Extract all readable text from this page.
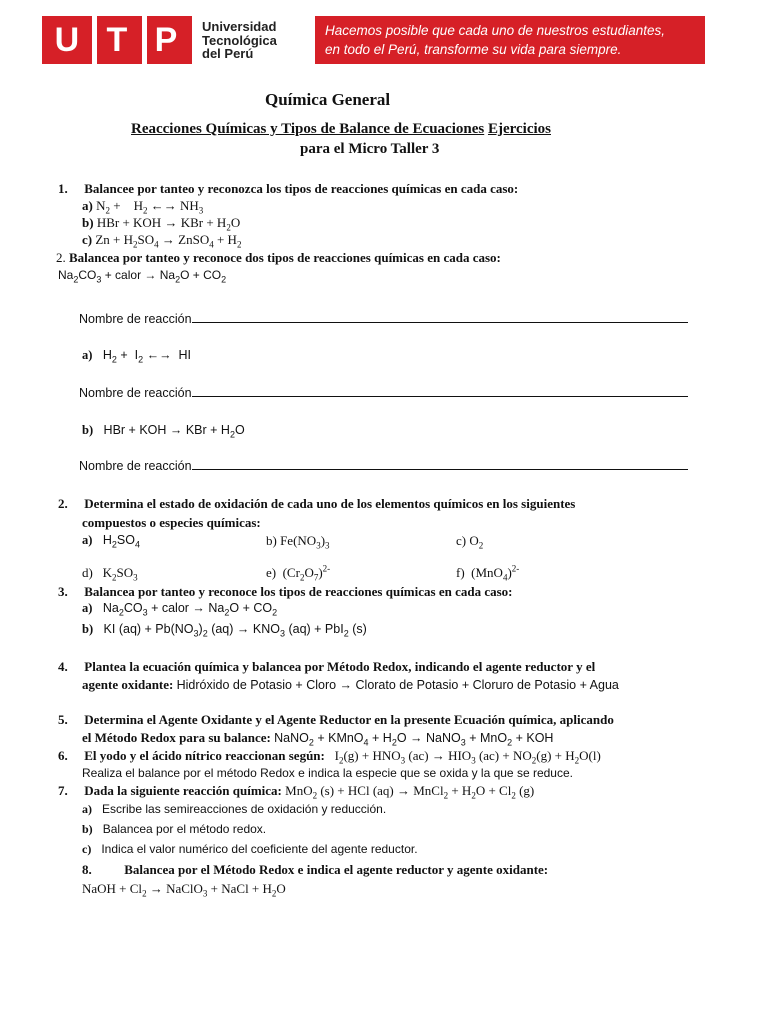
U T P Universidad
Tecnológica
del Perú
Hacemos posible que cada uno de nuestros estudiantes,
en todo el Perú, transforme su vida para siempre.
Química General
Reacciones Químicas y Tipos de Balance de Ecuaciones Ejercicios
para el Micro Taller 3
1. Balancee por tanteo y reconozca los tipos de reacciones químicas en cada caso:
a) $N_2$ +    $H_2$ ←→ $NH_3$
b) HBr + KOH → KBr + $H_2O$
c) $Zn + H_2SO_4$ → ZnSO$_4$ + $H_2$
2. Balancea por tanteo y reconoce dos tipos de reacciones químicas en cada caso:
$Na_2CO_3$ + calor → $Na_2O + CO_2$
Nombre de reacción
a)   $H_2 + I_2$ ←→  HI
Nombre de reacción
b)   HBr + KOH → KBr + $H_2O$
Nombre de reacción
2. Determina el estado de oxidación de cada uno de los elementos químicos en los siguientes
compuestos o especies químicas:
a)   $H_2SO_4$	b) $Fe(NO_3)_3$	c) $O_2$
d)   $K_2SO_3$	e)  $(Cr_2O_7)^{2-}$	f)  $(MnO_4)^{2-}$
3. Balancea por tanteo y reconoce los tipos de reacciones químicas en cada caso:
a)   $Na_2CO_3$ + calor → $Na_2O + CO_2$
b)   KI $(aq) + Pb(NO_3)_2$ $(aq) \to KNO_3$ (aq) + PbI$_2$ (s)
4. Plantea la ecuación química y balancea por Método Redox, indicando el agente reductor y el
agente oxidante: Hidróxido de Potasio + Cloro → Clorato de Potasio + Cloruro de Potasio + Agua
5. Determina el Agente Oxidante y el Agente Reductor en la presente Ecuación química, aplicando
el Método Redox para su balance: NaNO$_2$ + KMnO$_4$ + $H_2O$ → NaNO$_3$ + MnO$_2$ + KOH
6. El yodo y el ácido nítrico reaccionan según:   $I_2(g) + HNO_3$ $(ac) \to HIO_3$ $(ac) + NO_2(g) + H_2O(l)$
Realiza el balance por el método Redox e indica la especie que se oxida y la que se reduce.
7. Dada la siguiente reacción química: MnO$_2$ (s) + HCl (aq) → MnCl$_2$ + $H_2O + Cl_2$ (g)
a) Escribe las semireacciones de oxidación y reducción.
b) Balancea por el método redox.
c) Indica el valor numérico del coeficiente del agente reductor.
8.	Balancea por el Método Redox e indica el agente reductor y agente oxidante:
NaOH + $Cl_2$ → NaClO$_3$ + NaCl + $H_2O$
